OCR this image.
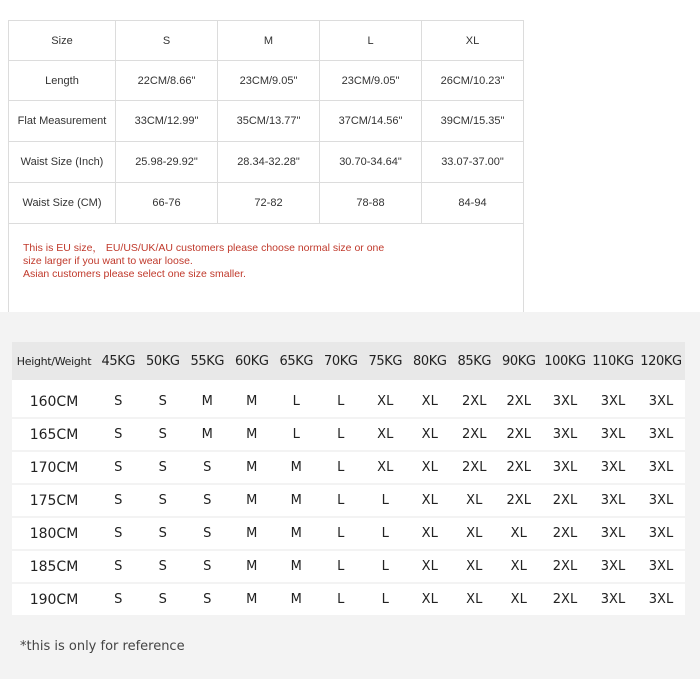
Size	S	M	L	XL
Length	22CM/8.66"	23CM/9.05"	23CM/9.05"	26CM/10.23"
Flat Measurement	33CM/12.99"	35CM/13.77"	37CM/14.56"	39CM/15.35"
Waist Size (Inch)	25.98-29.92"	28.34-32.28"	30.70-34.64"	33.07-37.00"
Waist Size (CM)	66-76	72-82	78-88	84-94

This is EU size， EU/US/UK/AU customers please choose normal size or one
size larger if you want to wear loose.
Asian customers please select one size smaller.				
Height/Weight	45KG	50KG	55KG	60KG	65KG	70KG	75KG	80KG	85KG	90KG	100KG	110KG	120KG
160CM	S	S	M	M	L	L	XL	XL	2XL	2XL	3XL	3XL	3XL
165CM	S	S	M	M	L	L	XL	XL	2XL	2XL	3XL	3XL	3XL
170CM	S	S	S	M	M	L	XL	XL	2XL	2XL	3XL	3XL	3XL
175CM	S	S	S	M	M	L	L	XL	XL	2XL	2XL	3XL	3XL
180CM	S	S	S	M	M	L	L	XL	XL	XL	2XL	3XL	3XL
185CM	S	S	S	M	M	L	L	XL	XL	XL	2XL	3XL	3XL
190CM	S	S	S	M	M	L	L	XL	XL	XL	2XL	3XL	3XL
*this is only for reference
